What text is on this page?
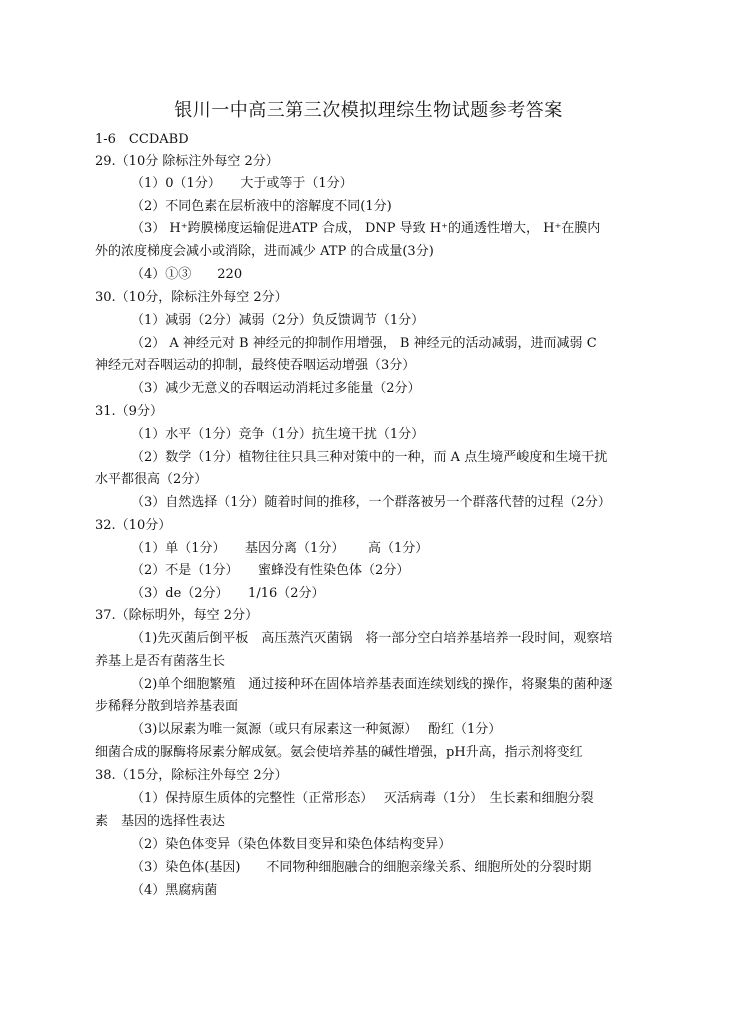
银川一中高三第三次模拟理综生物试题参考答案
1-6　CCDABD
29.（10分 除标注外每空 2分）
（1）0（1分）　　大于或等于（1分）
（2）不同色素在层析液中的溶解度不同(1分)
（3） H⁺跨膜梯度运输促进ATP 合成， DNP 导致 H⁺的通透性增大， H⁺在膜内
外的浓度梯度会减小或消除，进而减少 ATP 的合成量(3分)
（4）①③　　220
30.（10分，除标注外每空 2分）
（1）减弱（2分）减弱（2分）负反馈调节（1分）
（2） A 神经元对 B 神经元的抑制作用增强， B 神经元的活动减弱，进而减弱 C
神经元对吞咽运动的抑制，最终使吞咽运动增强（3分）
（3）减少无意义的吞咽运动消耗过多能量（2分）
31.（9分）
（1）水平（1分）竞争（1分）抗生境干扰（1分）
（2）数学（1分）植物往往只具三种对策中的一种，而 A 点生境严峻度和生境干扰
水平都很高（2分）
（3）自然选择（1分）随着时间的推移，一个群落被另一个群落代替的过程（2分）
32.（10分）
（1）单（1分）　　基因分离（1分）　　 高（1分）
（2）不是（1分）　　蜜蜂没有性染色体（2分）
（3）de（2分）　　1/16（2分）
37.（除标明外，每空 2分）
（1)先灭菌后倒平板　高压蒸汽灭菌锅　将一部分空白培养基培养一段时间，观察培
养基上是否有菌落生长
（2)单个细胞繁殖　通过接种环在固体培养基表面连续划线的操作，将聚集的菌种逐
步稀释分散到培养基表面
（3)以尿素为唯一氮源（或只有尿素这一种氮源）　 酚红（1分）
细菌合成的脲酶将尿素分解成氨。氨会使培养基的碱性增强，pH升高，指示剂将变红
38.（15分，除标注外每空 2分）
（1）保持原生质体的完整性（正常形态）　 灭活病毒（1分）　生长素和细胞分裂
素　基因的选择性表达
（2）染色体变异（染色体数目变异和染色体结构变异）
（3）染色体(基因)　　不同物种细胞融合的细胞亲缘关系、细胞所处的分裂时期
（4）黑腐病菌
